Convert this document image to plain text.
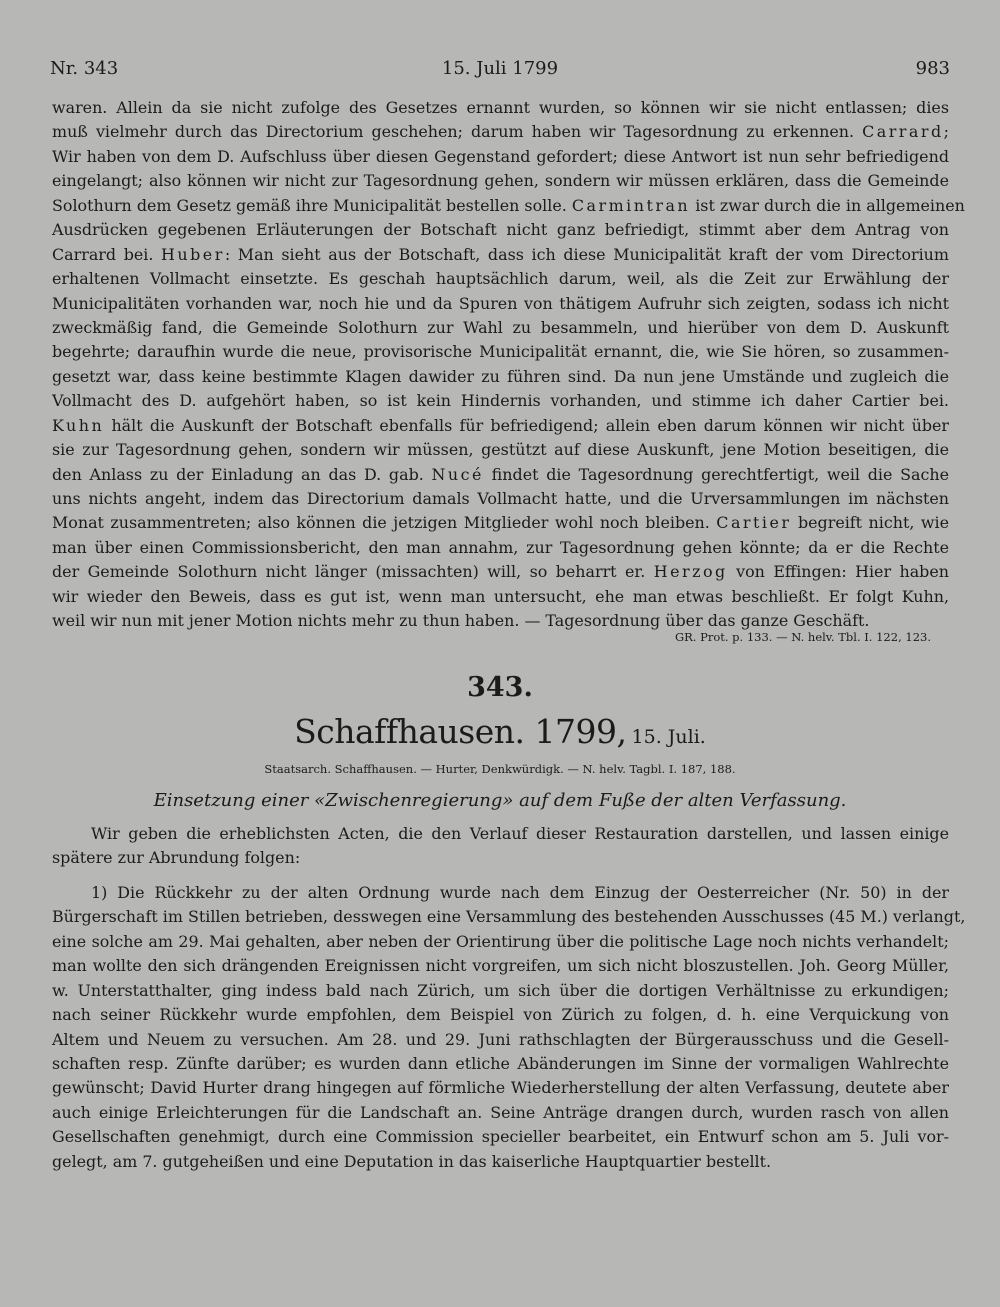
Nr. 343	15. Juli 1799	983
waren. Allein da sie nicht zufolge des Gesetzes ernannt wurden, so können wir sie nicht entlassen; dies
muß vielmehr durch das Directorium geschehen; darum haben wir Tagesordnung zu erkennen. Carrard;
Wir haben von dem D. Aufschluss über diesen Gegenstand gefordert; diese Antwort ist nun sehr befriedigend
eingelangt; also können wir nicht zur Tagesordnung gehen, sondern wir müssen erklären, dass die Gemeinde
Solothurn dem Gesetz gemäß ihre Municipalität bestellen solle. Carmintran ist zwar durch die in allgemeinen
Ausdrücken gegebenen Erläuterungen der Botschaft nicht ganz befriedigt, stimmt aber dem Antrag von
Carrard bei. Huber: Man sieht aus der Botschaft, dass ich diese Municipalität kraft der vom Directorium
erhaltenen Vollmacht einsetzte. Es geschah hauptsächlich darum, weil, als die Zeit zur Erwählung der
Municipalitäten vorhanden war, noch hie und da Spuren von thätigem Aufruhr sich zeigten, sodass ich nicht
zweckmäßig fand, die Gemeinde Solothurn zur Wahl zu besammeln, und hierüber von dem D. Auskunft
begehrte; daraufhin wurde die neue, provisorische Municipalität ernannt, die, wie Sie hören, so zusammen-
gesetzt war, dass keine bestimmte Klagen dawider zu führen sind. Da nun jene Umstände und zugleich die
Vollmacht des D. aufgehört haben, so ist kein Hindernis vorhanden, und stimme ich daher Cartier bei.
Kuhn hält die Auskunft der Botschaft ebenfalls für befriedigend; allein eben darum können wir nicht über
sie zur Tagesordnung gehen, sondern wir müssen, gestützt auf diese Auskunft, jene Motion beseitigen, die
den Anlass zu der Einladung an das D. gab. Nucé findet die Tagesordnung gerechtfertigt, weil die Sache
uns nichts angeht, indem das Directorium damals Vollmacht hatte, und die Urversammlungen im nächsten
Monat zusammentreten; also können die jetzigen Mitglieder wohl noch bleiben. Cartier begreift nicht, wie
man über einen Commissionsbericht, den man annahm, zur Tagesordnung gehen könnte; da er die Rechte
der Gemeinde Solothurn nicht länger (missachten) will, so beharrt er. Herzog von Effingen: Hier haben
wir wieder den Beweis, dass es gut ist, wenn man untersucht, ehe man etwas beschließt. Er folgt Kuhn,
weil wir nun mit jener Motion nichts mehr zu thun haben. — Tagesordnung über das ganze Geschäft.
GR. Prot. p. 133. — N. helv. Tbl. I. 122, 123.
343.
Schaffhausen. 1799, 15. Juli.
Staatsarch. Schaffhausen. — Hurter, Denkwürdigk. — N. helv. Tagbl. I. 187, 188.
Einsetzung einer «Zwischenregierung» auf dem Fuße der alten Verfassung.
Wir geben die erheblichsten Acten, die den Verlauf dieser Restauration darstellen, und lassen einige
spätere zur Abrundung folgen:
1) Die Rückkehr zu der alten Ordnung wurde nach dem Einzug der Oesterreicher (Nr. 50) in der
Bürgerschaft im Stillen betrieben, desswegen eine Versammlung des bestehenden Ausschusses (45 M.) verlangt,
eine solche am 29. Mai gehalten, aber neben der Orientirung über die politische Lage noch nichts verhandelt;
man wollte den sich drängenden Ereignissen nicht vorgreifen, um sich nicht bloszustellen. Joh. Georg Müller,
w. Unterstatthalter, ging indess bald nach Zürich, um sich über die dortigen Verhältnisse zu erkundigen;
nach seiner Rückkehr wurde empfohlen, dem Beispiel von Zürich zu folgen, d. h. eine Verquickung von
Altem und Neuem zu versuchen. Am 28. und 29. Juni rathschlagten der Bürgerausschuss und die Gesell-
schaften resp. Zünfte darüber; es wurden dann etliche Abänderungen im Sinne der vormaligen Wahlrechte
gewünscht; David Hurter drang hingegen auf förmliche Wiederherstellung der alten Verfassung, deutete aber
auch einige Erleichterungen für die Landschaft an. Seine Anträge drangen durch, wurden rasch von allen
Gesellschaften genehmigt, durch eine Commission specieller bearbeitet, ein Entwurf schon am 5. Juli vor-
gelegt, am 7. gutgeheißen und eine Deputation in das kaiserliche Hauptquartier bestellt.
